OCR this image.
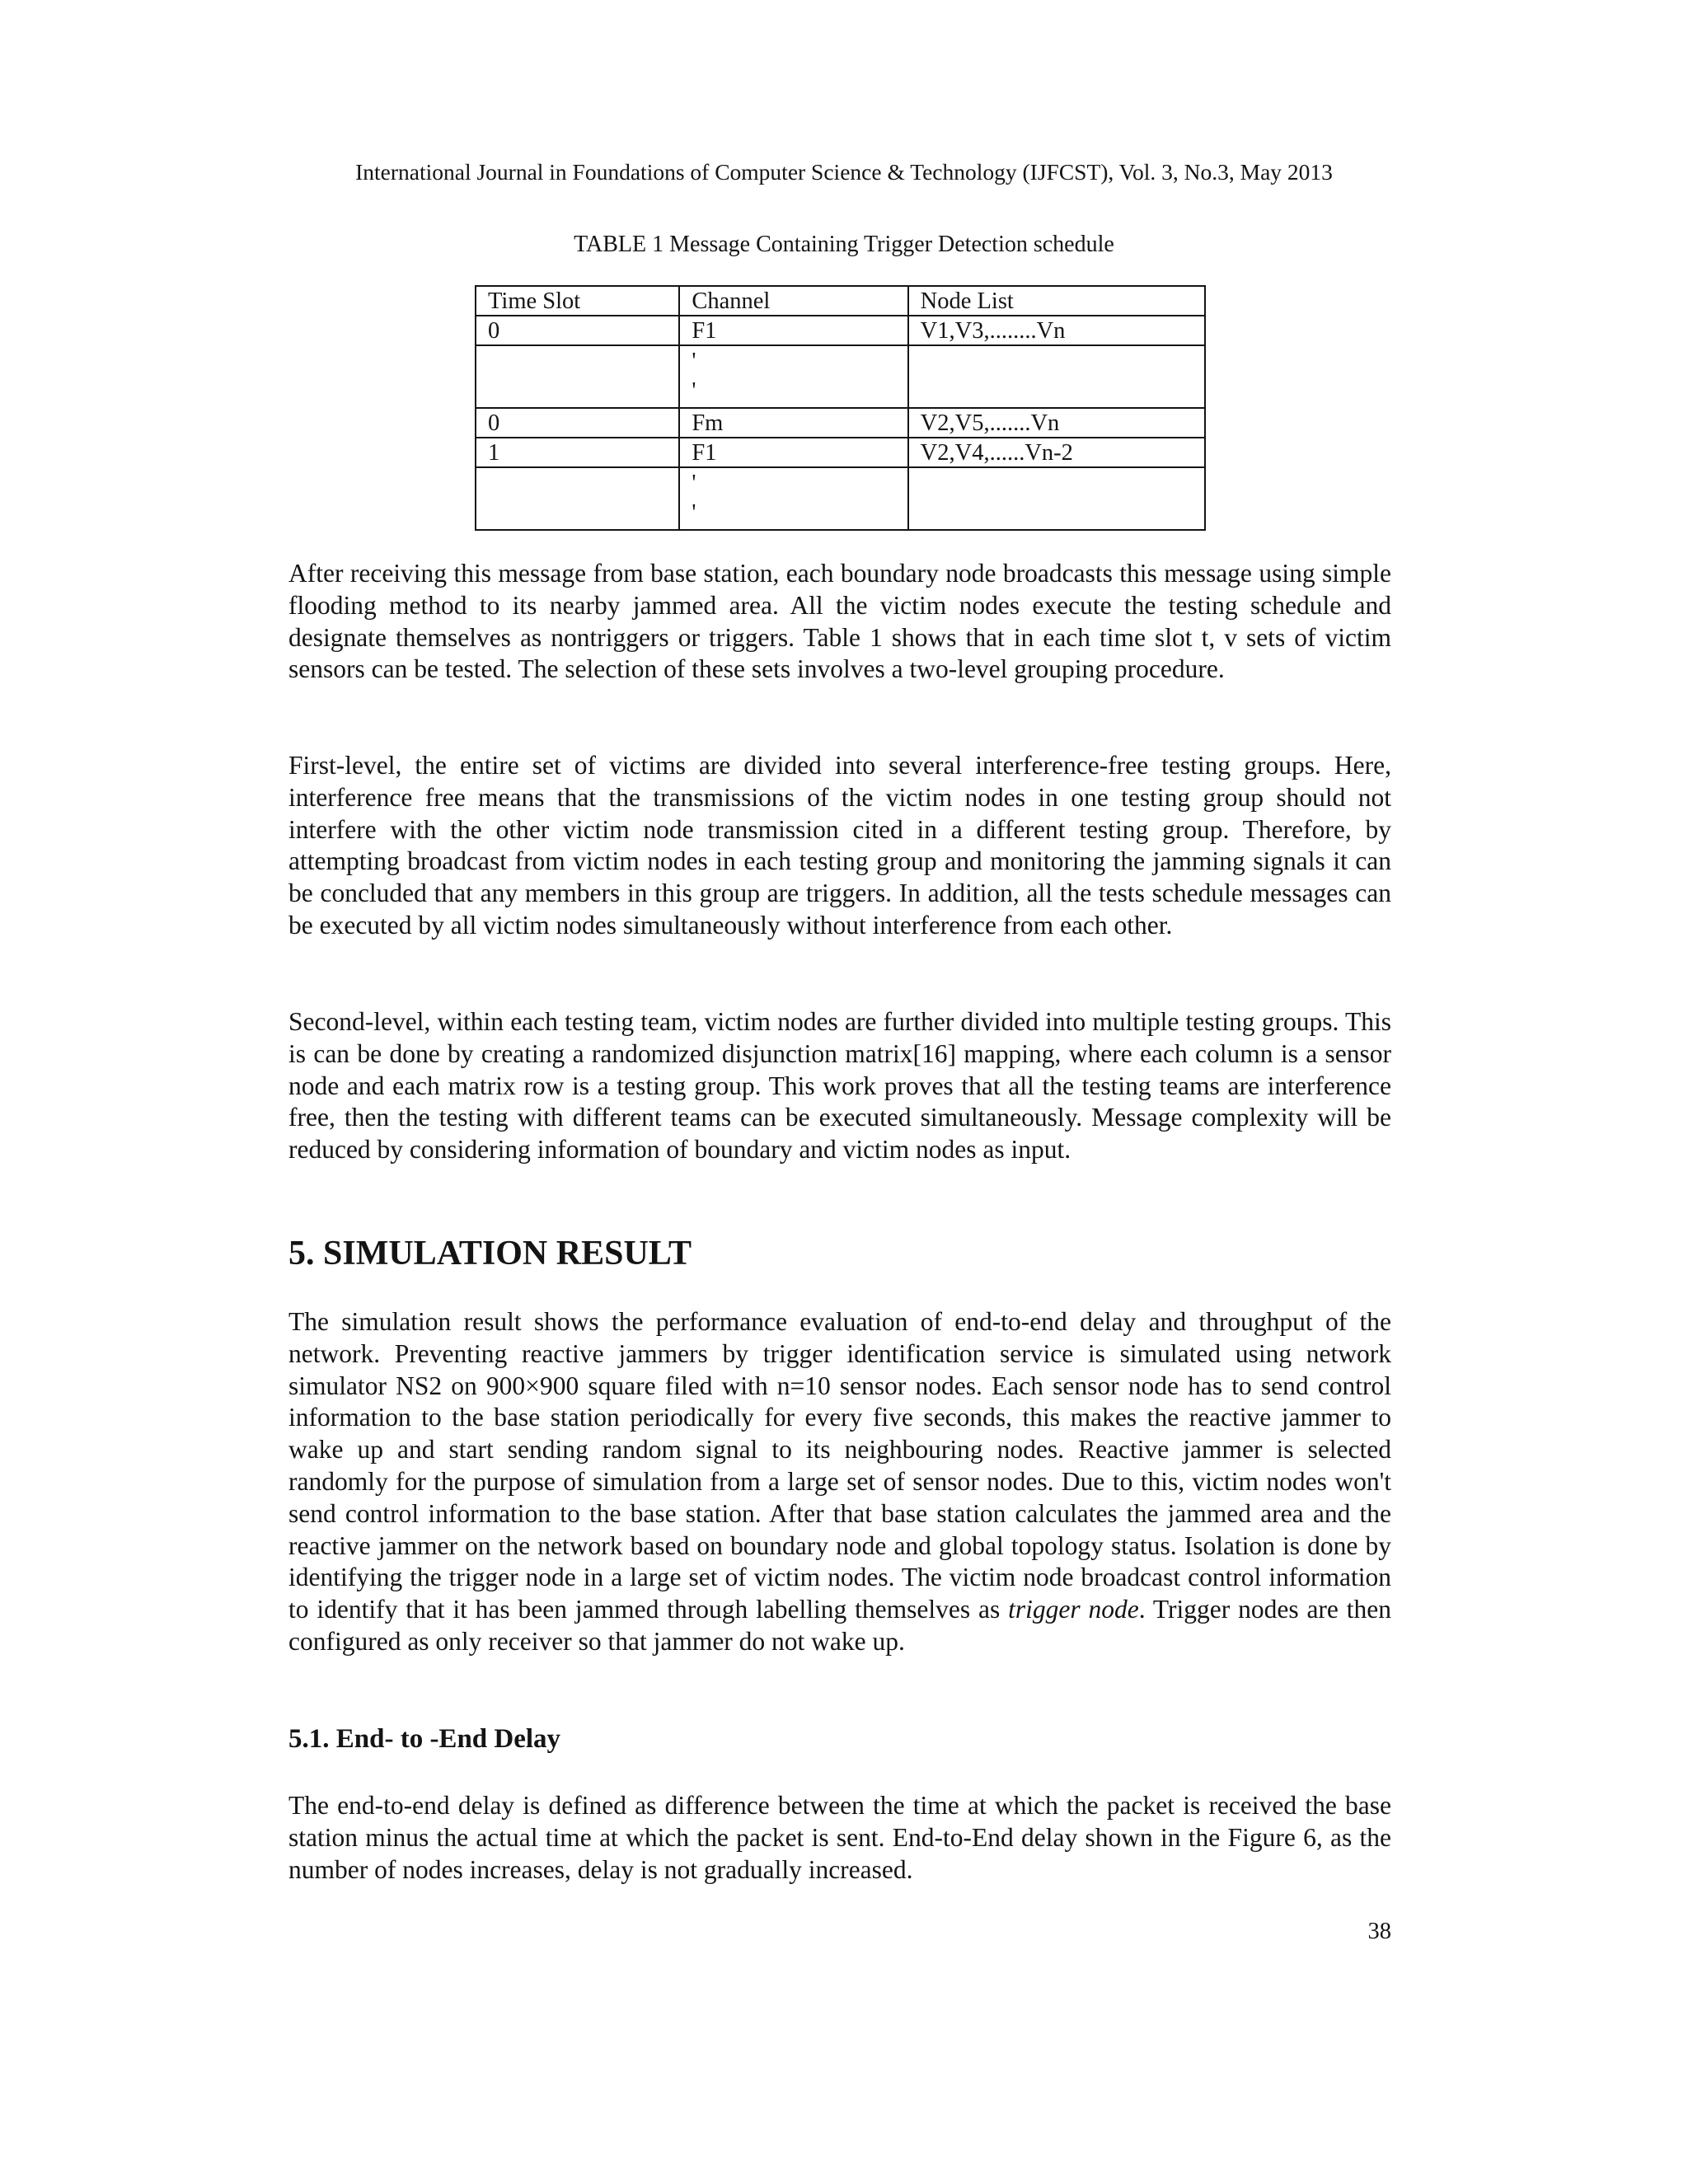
International Journal in Foundations of Computer Science & Technology (IJFCST), Vol. 3, No.3, May 2013
TABLE 1 Message Containing Trigger Detection schedule
Time Slot	Channel	Node List
0	F1	V1,V3,........Vn
	'
'	
0	Fm	V2,V5,.......Vn
1	F1	V2,V4,......Vn-2
	'
'	

After receiving this message from base station, each boundary node broadcasts this message using simple flooding method to its nearby jammed area. All the victim nodes execute the testing schedule and designate themselves as nontriggers or triggers. Table 1 shows that in each time slot t, v sets of victim sensors can be tested. The selection of these sets involves a two-level grouping procedure.

First-level, the entire set of victims are divided into several interference-free testing groups. Here, interference free means that the transmissions of the victim nodes in one testing group should not interfere with the other victim node transmission cited in a different testing group. Therefore, by attempting broadcast from victim nodes in each testing group and monitoring the jamming signals it can be concluded that any members in this group are triggers. In addition, all the tests schedule messages can be executed by all victim nodes simultaneously without interference from each other.

Second-level, within each testing team, victim nodes are further divided into multiple testing groups. This is can be done by creating a randomized disjunction matrix[16] mapping, where each column is a sensor node and each matrix row is a testing group. This work proves that all the testing teams are interference free, then the testing with different teams can be executed simultaneously. Message complexity will be reduced by considering information of boundary and victim nodes as input.

5. SIMULATION RESULT

The simulation result shows the performance evaluation of end-to-end delay and throughput of the network. Preventing reactive jammers by trigger identification service is simulated using network simulator NS2 on 900×900 square filed with n=10 sensor nodes. Each sensor node has to send control information to the base station periodically for every five seconds, this makes the reactive jammer to wake up and start sending random signal to its neighbouring nodes. Reactive jammer is selected randomly for the purpose of simulation from a large set of sensor nodes. Due to this, victim nodes won't send control information to the base station. After that base station calculates the jammed area and the reactive jammer on the network based on boundary node and global topology status. Isolation is done by identifying the trigger node in a large set of victim nodes. The victim node broadcast control information to identify that it has been jammed through labelling themselves as trigger node. Trigger nodes are then configured as only receiver so that jammer do not wake up.

5.1. End- to -End Delay

The end-to-end delay is defined as difference between the time at which the packet is received the base station minus the actual time at which the packet is sent. End-to-End delay shown in the Figure 6, as the number of nodes increases, delay is not gradually increased.

38
